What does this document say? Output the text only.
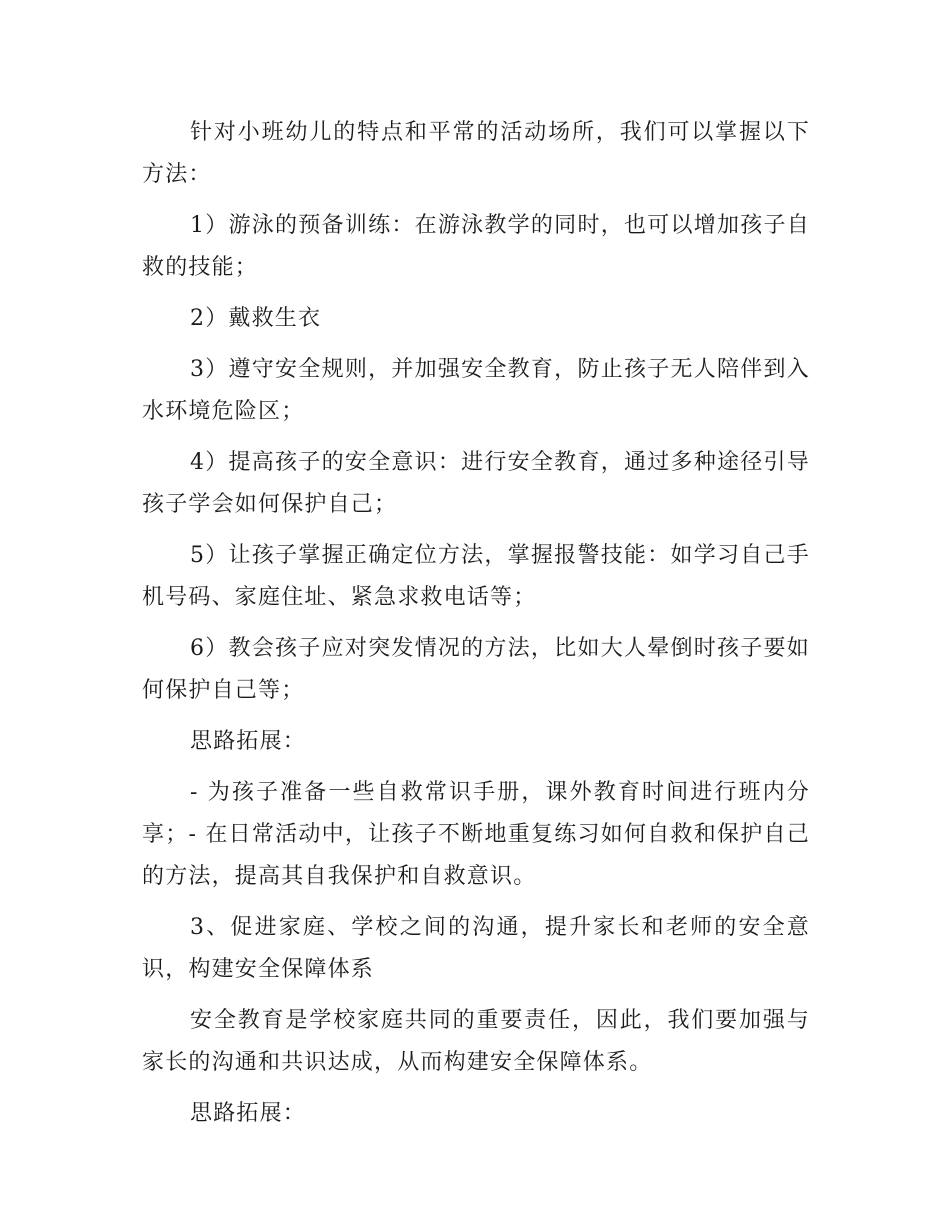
针对小班幼儿的特点和平常的活动场所，我们可以掌握以下方法：

1）游泳的预备训练：在游泳教学的同时，也可以增加孩子自救的技能；

2）戴救生衣

3）遵守安全规则，并加强安全教育，防止孩子无人陪伴到入水环境危险区；

4）提高孩子的安全意识：进行安全教育，通过多种途径引导孩子学会如何保护自己；

5）让孩子掌握正确定位方法，掌握报警技能：如学习自己手机号码、家庭住址、紧急求救电话等；

6）教会孩子应对突发情况的方法，比如大人晕倒时孩子要如何保护自己等；

思路拓展：

- 为孩子准备一些自救常识手册，课外教育时间进行班内分享；- 在日常活动中，让孩子不断地重复练习如何自救和保护自己的方法，提高其自我保护和自救意识。

3、促进家庭、学校之间的沟通，提升家长和老师的安全意识，构建安全保障体系

安全教育是学校家庭共同的重要责任，因此，我们要加强与家长的沟通和共识达成，从而构建安全保障体系。

思路拓展：
